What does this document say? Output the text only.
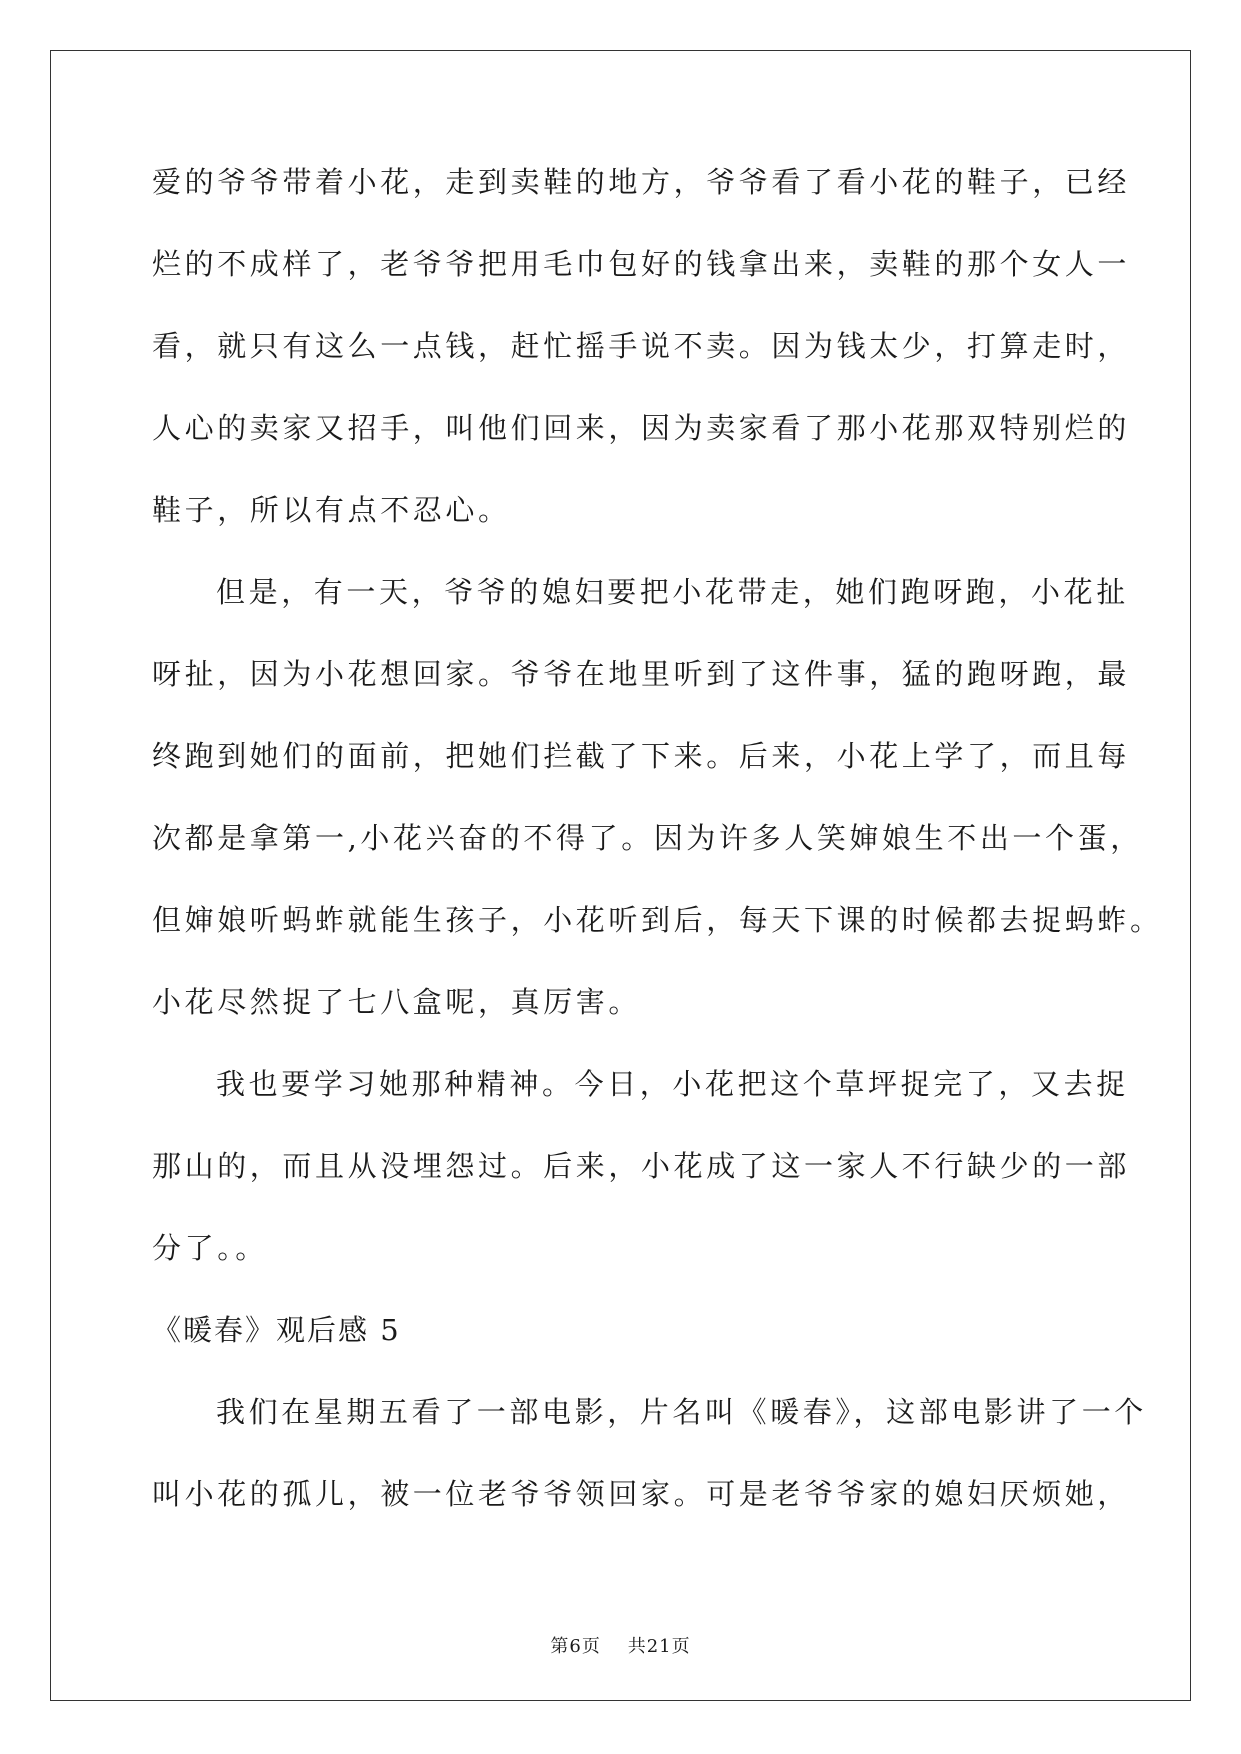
爱的爷爷带着小花，走到卖鞋的地方，爷爷看了看小花的鞋子，已经
烂的不成样了，老爷爷把用毛巾包好的钱拿出来，卖鞋的那个女人一
看，就只有这么一点钱，赶忙摇手说不卖。因为钱太少，打算走时，
人心的卖家又招手，叫他们回来，因为卖家看了那小花那双特别烂的
鞋子，所以有点不忍心。
但是，有一天，爷爷的媳妇要把小花带走，她们跑呀跑，小花扯
呀扯，因为小花想回家。爷爷在地里听到了这件事，猛的跑呀跑，最
终跑到她们的面前，把她们拦截了下来。后来，小花上学了，而且每
次都是拿第一,小花兴奋的不得了。因为许多人笑婶娘生不出一个蛋，
但婶娘听蚂蚱就能生孩子，小花听到后，每天下课的时候都去捉蚂蚱。
小花尽然捉了七八盒呢，真厉害。
我也要学习她那种精神。今日，小花把这个草坪捉完了，又去捉
那山的，而且从没埋怨过。后来，小花成了这一家人不行缺少的一部
分了。。
《暖春》观后感 5
我们在星期五看了一部电影，片名叫《暖春》，这部电影讲了一个
叫小花的孤儿，被一位老爷爷领回家。可是老爷爷家的媳妇厌烦她，
第6页 共21页
